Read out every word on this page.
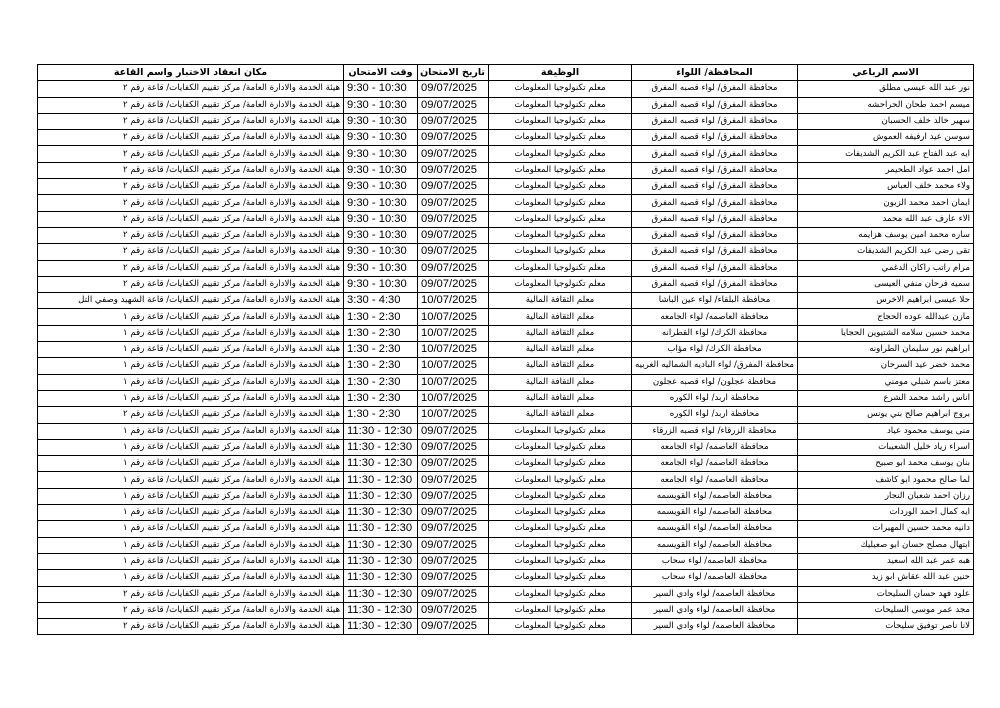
الاسم الرباعي	المحافظة/ اللواء	الوظيفة	تاريخ الامتحان	وقت الامتحان	مكان انعقاد الاختبار واسم القاعة
نور عبد الله عيسى مطلق	محافظة المفرق/ لواء قصبه المفرق	معلم تكنولوجيا المعلومات	09/07/2025	9:30 - 10:30	هيئة الخدمة والادارة العامة/ مركز تقييم الكفايات/ قاعة رقم ٢
ميسم احمد طحان الحراحشه	محافظة المفرق/ لواء قصبه المفرق	معلم تكنولوجيا المعلومات	09/07/2025	9:30 - 10:30	هيئة الخدمة والادارة العامة/ مركز تقييم الكفايات/ قاعة رقم ٢
سهير خالد خلف الحسبان	محافظة المفرق/ لواء قصبه المفرق	معلم تكنولوجيا المعلومات	09/07/2025	9:30 - 10:30	هيئة الخدمة والادارة العامة/ مركز تقييم الكفايات/ قاعة رقم ٢
سوسن عيد ارفيفه العموش	محافظة المفرق/ لواء قصبه المفرق	معلم تكنولوجيا المعلومات	09/07/2025	9:30 - 10:30	هيئة الخدمة والادارة العامة/ مركز تقييم الكفايات/ قاعة رقم ٢
ايه عبد الفتاح عبد الكريم الشديفات	محافظة المفرق/ لواء قصبه المفرق	معلم تكنولوجيا المعلومات	09/07/2025	9:30 - 10:30	هيئة الخدمة والادارة العامة/ مركز تقييم الكفايات/ قاعة رقم ٢
امل احمد عواد الطحيمر	محافظة المفرق/ لواء قصبه المفرق	معلم تكنولوجيا المعلومات	09/07/2025	9:30 - 10:30	هيئة الخدمة والادارة العامة/ مركز تقييم الكفايات/ قاعة رقم ٢
ولاء محمد خلف العباس	محافظة المفرق/ لواء قصبه المفرق	معلم تكنولوجيا المعلومات	09/07/2025	9:30 - 10:30	هيئة الخدمة والادارة العامة/ مركز تقييم الكفايات/ قاعة رقم ٢
ايمان احمد محمد الزبون	محافظة المفرق/ لواء قصبه المفرق	معلم تكنولوجيا المعلومات	09/07/2025	9:30 - 10:30	هيئة الخدمة والادارة العامة/ مركز تقييم الكفايات/ قاعة رقم ٢
الاء عارف عبد الله محمد	محافظة المفرق/ لواء قصبه المفرق	معلم تكنولوجيا المعلومات	09/07/2025	9:30 - 10:30	هيئة الخدمة والادارة العامة/ مركز تقييم الكفايات/ قاعة رقم ٢
ساره محمد امين يوسف هزايمه	محافظة المفرق/ لواء قصبه المفرق	معلم تكنولوجيا المعلومات	09/07/2025	9:30 - 10:30	هيئة الخدمة والادارة العامة/ مركز تقييم الكفايات/ قاعة رقم ٢
تقى رضى عبد الكريم الشديفات	محافظة المفرق/ لواء قصبه المفرق	معلم تكنولوجيا المعلومات	09/07/2025	9:30 - 10:30	هيئة الخدمة والادارة العامة/ مركز تقييم الكفايات/ قاعة رقم ٢
مرام راتب راكان الدغمي	محافظة المفرق/ لواء قصبه المفرق	معلم تكنولوجيا المعلومات	09/07/2025	9:30 - 10:30	هيئة الخدمة والادارة العامة/ مركز تقييم الكفايات/ قاعة رقم ٢
سميه فرحان منفي العيسى	محافظة المفرق/ لواء قصبه المفرق	معلم تكنولوجيا المعلومات	09/07/2025	9:30 - 10:30	هيئة الخدمة والادارة العامة/ مركز تقييم الكفايات/ قاعة رقم ٢
حلا عيسى ابراهيم الاخرس	محافظة البلقاء/ لواء عين الباشا	معلم الثقافة المالية	10/07/2025	3:30 - 4:30	هيئة الخدمة والادارة العامة/ مركز تقييم الكفايات/ قاعة الشهيد وصفي التل
مازن عبدالله عوده الحجاج	محافظة العاصمه/ لواء الجامعه	معلم الثقافة المالية	10/07/2025	1:30 - 2:30	هيئة الخدمة والادارة العامة/ مركز تقييم الكفايات/ قاعة رقم ١
محمد حسين سلامه الشتيوين الحجايا	محافظة الكرك/ لواء القطرانه	معلم الثقافة المالية	10/07/2025	1:30 - 2:30	هيئة الخدمة والادارة العامة/ مركز تقييم الكفايات/ قاعة رقم ١
ابراهيم نور سليمان الطراونه	محافظة الكرك/ لواء مؤاب	معلم الثقافة المالية	10/07/2025	1:30 - 2:30	هيئة الخدمة والادارة العامة/ مركز تقييم الكفايات/ قاعة رقم ١
محمد خضر عيد السرحان	محافظة المفرق/ لواء الباديه الشماليه الغربيه	معلم الثقافة المالية	10/07/2025	1:30 - 2:30	هيئة الخدمة والادارة العامة/ مركز تقييم الكفايات/ قاعة رقم ١
معتز باسم شبلي مومني	محافظة عجلون/ لواء قصبه عجلون	معلم الثقافة المالية	10/07/2025	1:30 - 2:30	هيئة الخدمة والادارة العامة/ مركز تقييم الكفايات/ قاعة رقم ١
اناس راشد محمد الشرع	محافظة اربد/ لواء الكوره	معلم الثقافة المالية	10/07/2025	1:30 - 2:30	هيئة الخدمة والادارة العامة/ مركز تقييم الكفايات/ قاعة رقم ١
بروج ابراهيم صالح بني يونس	محافظة اربد/ لواء الكوره	معلم الثقافة المالية	10/07/2025	1:30 - 2:30	هيئة الخدمة والادارة العامة/ مركز تقييم الكفايات/ قاعة رقم ٢
منى يوسف محمود عياد	محافظة الزرقاء/ لواء قصبه الزرقاء	معلم تكنولوجيا المعلومات	09/07/2025	11:30 - 12:30	هيئة الخدمة والادارة العامة/ مركز تقييم الكفايات/ قاعة رقم ١
اسراء زياد خليل الشعيبات	محافظة العاصمه/ لواء الجامعه	معلم تكنولوجيا المعلومات	09/07/2025	11:30 - 12:30	هيئة الخدمة والادارة العامة/ مركز تقييم الكفايات/ قاعة رقم ١
بنان يوسف محمد ابو صبيح	محافظة العاصمه/ لواء الجامعه	معلم تكنولوجيا المعلومات	09/07/2025	11:30 - 12:30	هيئة الخدمة والادارة العامة/ مركز تقييم الكفايات/ قاعة رقم ١
لما صالح محمود ابو كاشف	محافظة العاصمه/ لواء الجامعه	معلم تكنولوجيا المعلومات	09/07/2025	11:30 - 12:30	هيئة الخدمة والادارة العامة/ مركز تقييم الكفايات/ قاعة رقم ١
رزان احمد شعبان النجار	محافظة العاصمه/ لواء القويسمه	معلم تكنولوجيا المعلومات	09/07/2025	11:30 - 12:30	هيئة الخدمة والادارة العامة/ مركز تقييم الكفايات/ قاعة رقم ١
ايه كمال احمد الوردات	محافظة العاصمه/ لواء القويسمه	معلم تكنولوجيا المعلومات	09/07/2025	11:30 - 12:30	هيئة الخدمة والادارة العامة/ مركز تقييم الكفايات/ قاعة رقم ١
دانيه محمد حسين المهيرات	محافظة العاصمه/ لواء القويسمه	معلم تكنولوجيا المعلومات	09/07/2025	11:30 - 12:30	هيئة الخدمة والادارة العامة/ مركز تقييم الكفايات/ قاعة رقم ١
ابتهال مصلح حسان ابو صعيليك	محافظة العاصمه/ لواء القويسمه	معلم تكنولوجيا المعلومات	09/07/2025	11:30 - 12:30	هيئة الخدمة والادارة العامة/ مركز تقييم الكفايات/ قاعة رقم ١
هبه عمر عبد الله اسعيد	محافظة العاصمه/ لواء سحاب	معلم تكنولوجيا المعلومات	09/07/2025	11:30 - 12:30	هيئة الخدمة والادارة العامة/ مركز تقييم الكفايات/ قاعة رقم ١
حنين عبد الله عقاش ابو زيد	محافظة العاصمه/ لواء سحاب	معلم تكنولوجيا المعلومات	09/07/2025	11:30 - 12:30	هيئة الخدمة والادارة العامة/ مركز تقييم الكفايات/ قاعة رقم ١
علود فهد حسان السليحات	محافظة العاصمه/ لواء وادي السير	معلم تكنولوجيا المعلومات	09/07/2025	11:30 - 12:30	هيئة الخدمة والادارة العامة/ مركز تقييم الكفايات/ قاعة رقم ٢
مجد عمر موسى السليحات	محافظة العاصمه/ لواء وادي السير	معلم تكنولوجيا المعلومات	09/07/2025	11:30 - 12:30	هيئة الخدمة والادارة العامة/ مركز تقييم الكفايات/ قاعة رقم ٢
لانا ناصر توفيق سليحات	محافظة العاصمه/ لواء وادي السير	معلم تكنولوجيا المعلومات	09/07/2025	11:30 - 12:30	هيئة الخدمة والادارة العامة/ مركز تقييم الكفايات/ قاعة رقم ٢
